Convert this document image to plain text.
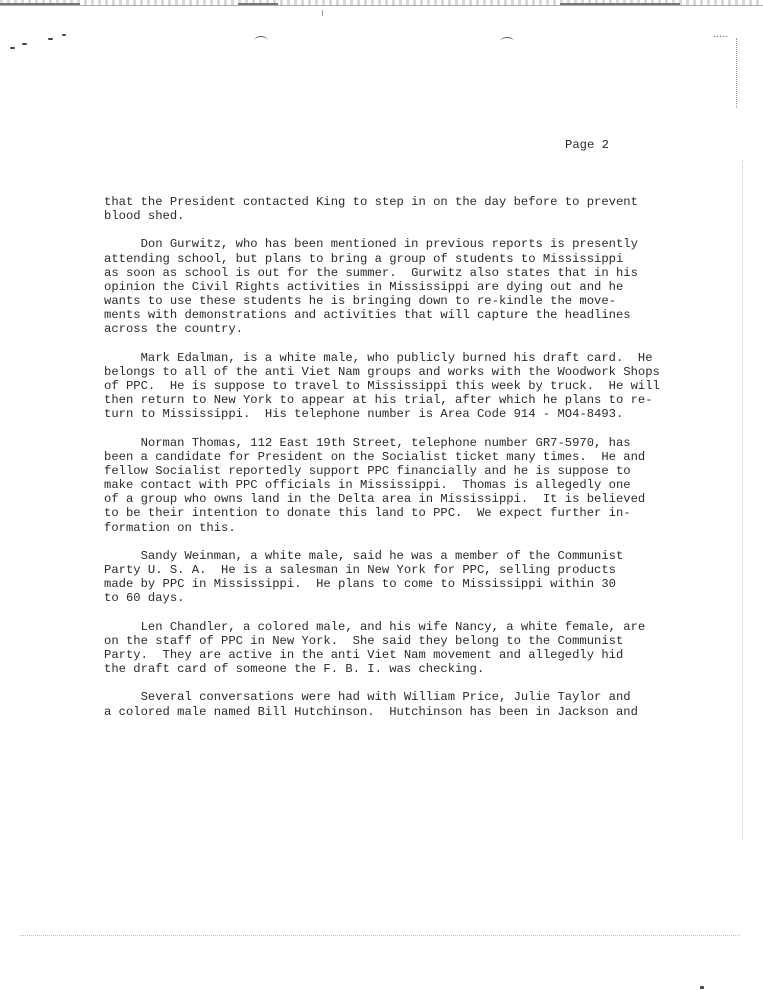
▪▪▪▪▪
Page 2
that the President contacted King to step in on the day before to prevent
blood shed.
Don Gurwitz, who has been mentioned in previous reports is presently
attending school, but plans to bring a group of students to Mississippi
as soon as school is out for the summer.  Gurwitz also states that in his
opinion the Civil Rights activities in Mississippi are dying out and he
wants to use these students he is bringing down to re-kindle the move-
ments with demonstrations and activities that will capture the headlines
across the country.
Mark Edalman, is a white male, who publicly burned his draft card.  He
belongs to all of the anti Viet Nam groups and works with the Woodwork Shops
of PPC.  He is suppose to travel to Mississippi this week by truck.  He will
then return to New York to appear at his trial, after which he plans to re-
turn to Mississippi.  His telephone number is Area Code 914 - MO4-8493.
Norman Thomas, 112 East 19th Street, telephone number GR7-5970, has
been a candidate for President on the Socialist ticket many times.  He and
fellow Socialist reportedly support PPC financially and he is suppose to
make contact with PPC officials in Mississippi.  Thomas is allegedly one
of a group who owns land in the Delta area in Mississippi.  It is believed
to be their intention to donate this land to PPC.  We expect further in-
formation on this.
Sandy Weinman, a white male, said he was a member of the Communist
Party U. S. A.  He is a salesman in New York for PPC, selling products
made by PPC in Mississippi.  He plans to come to Mississippi within 30
to 60 days.
Len Chandler, a colored male, and his wife Nancy, a white female, are
on the staff of PPC in New York.  She said they belong to the Communist
Party.  They are active in the anti Viet Nam movement and allegedly hid
the draft card of someone the F. B. I. was checking.
Several conversations were had with William Price, Julie Taylor and
a colored male named Bill Hutchinson.  Hutchinson has been in Jackson and
